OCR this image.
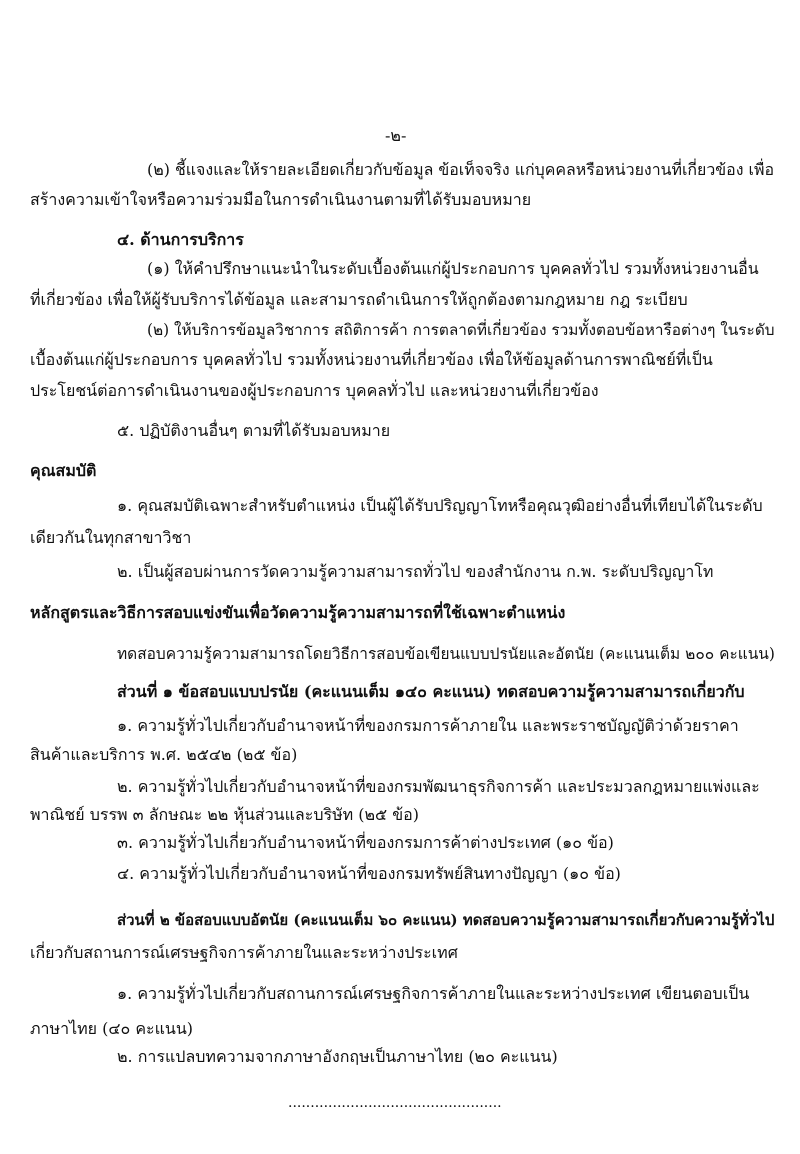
-๒-
(๒) ชี้แจงและให้รายละเอียดเกี่ยวกับข้อมูล ข้อเท็จจริง แก่บุคคลหรือหน่วยงานที่เกี่ยวข้อง เพื่อ
สร้างความเข้าใจหรือความร่วมมือในการดำเนินงานตามที่ได้รับมอบหมาย
๔. ด้านการบริการ
(๑) ให้คำปรึกษาแนะนำในระดับเบื้องต้นแก่ผู้ประกอบการ บุคคลทั่วไป รวมทั้งหน่วยงานอื่น
ที่เกี่ยวข้อง เพื่อให้ผู้รับบริการได้ข้อมูล และสามารถดำเนินการให้ถูกต้องตามกฎหมาย กฎ ระเบียบ
(๒) ให้บริการข้อมูลวิชาการ สถิติการค้า การตลาดที่เกี่ยวข้อง รวมทั้งตอบข้อหารือต่างๆ ในระดับ
เบื้องต้นแก่ผู้ประกอบการ บุคคลทั่วไป รวมทั้งหน่วยงานที่เกี่ยวข้อง เพื่อให้ข้อมูลด้านการพาณิชย์ที่เป็น
ประโยชน์ต่อการดำเนินงานของผู้ประกอบการ บุคคลทั่วไป และหน่วยงานที่เกี่ยวข้อง
๕. ปฏิบัติงานอื่นๆ ตามที่ได้รับมอบหมาย
คุณสมบัติ
๑. คุณสมบัติเฉพาะสำหรับตำแหน่ง เป็นผู้ได้รับปริญญาโทหรือคุณวุฒิอย่างอื่นที่เทียบได้ในระดับ
เดียวกันในทุกสาขาวิชา
๒. เป็นผู้สอบผ่านการวัดความรู้ความสามารถทั่วไป ของสำนักงาน ก.พ. ระดับปริญญาโท
หลักสูตรและวิธีการสอบแข่งขันเพื่อวัดความรู้ความสามารถที่ใช้เฉพาะตำแหน่ง
ทดสอบความรู้ความสามารถโดยวิธีการสอบข้อเขียนแบบปรนัยและอัตนัย (คะแนนเต็ม ๒๐๐ คะแนน)
ส่วนที่ ๑ ข้อสอบแบบปรนัย (คะแนนเต็ม ๑๔๐ คะแนน) ทดสอบความรู้ความสามารถเกี่ยวกับ
๑. ความรู้ทั่วไปเกี่ยวกับอำนาจหน้าที่ของกรมการค้าภายใน และพระราชบัญญัติว่าด้วยราคา
สินค้าและบริการ พ.ศ. ๒๕๔๒ (๒๕ ข้อ)
๒. ความรู้ทั่วไปเกี่ยวกับอำนาจหน้าที่ของกรมพัฒนาธุรกิจการค้า และประมวลกฎหมายแพ่งและ
พาณิชย์ บรรพ ๓ ลักษณะ ๒๒ หุ้นส่วนและบริษัท (๒๕ ข้อ)
๓. ความรู้ทั่วไปเกี่ยวกับอำนาจหน้าที่ของกรมการค้าต่างประเทศ (๑๐ ข้อ)
๔. ความรู้ทั่วไปเกี่ยวกับอำนาจหน้าที่ของกรมทรัพย์สินทางปัญญา (๑๐ ข้อ)
ส่วนที่ ๒ ข้อสอบแบบอัตนัย (คะแนนเต็ม ๖๐ คะแนน) ทดสอบความรู้ความสามารถเกี่ยวกับความรู้ทั่วไป
เกี่ยวกับสถานการณ์เศรษฐกิจการค้าภายในและระหว่างประเทศ
๑. ความรู้ทั่วไปเกี่ยวกับสถานการณ์เศรษฐกิจการค้าภายในและระหว่างประเทศ เขียนตอบเป็น
ภาษาไทย (๔๐ คะแนน)
๒. การแปลบทความจากภาษาอังกฤษเป็นภาษาไทย (๒๐ คะแนน)
................................................
